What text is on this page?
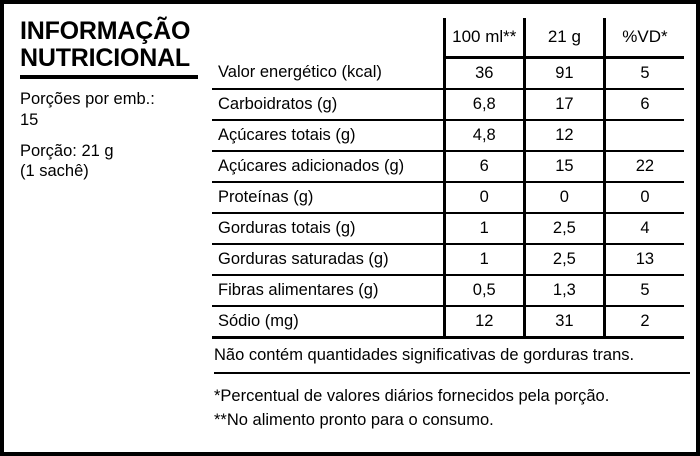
INFORMAÇÃO
NUTRICIONAL
Porções por emb.:
15
Porção: 21 g
(1 sachê)
	100 ml**	21 g	%VD*
Valor energético (kcal)	36	91	5
Carboidratos (g)	6,8	17	6
Açúcares totais (g)	4,8	12	
Açúcares adicionados (g)	6	15	22
Proteínas (g)	0	0	0
Gorduras totais (g)	1	2,5	4
Gorduras saturadas (g)	1	2,5	13
Fibras alimentares (g)	0,5	1,3	5
Sódio (mg)	12	31	2

Não contém quantidades significativas de gorduras trans.

*Percentual de valores diários fornecidos pela porção.

**No alimento pronto para o consumo.
